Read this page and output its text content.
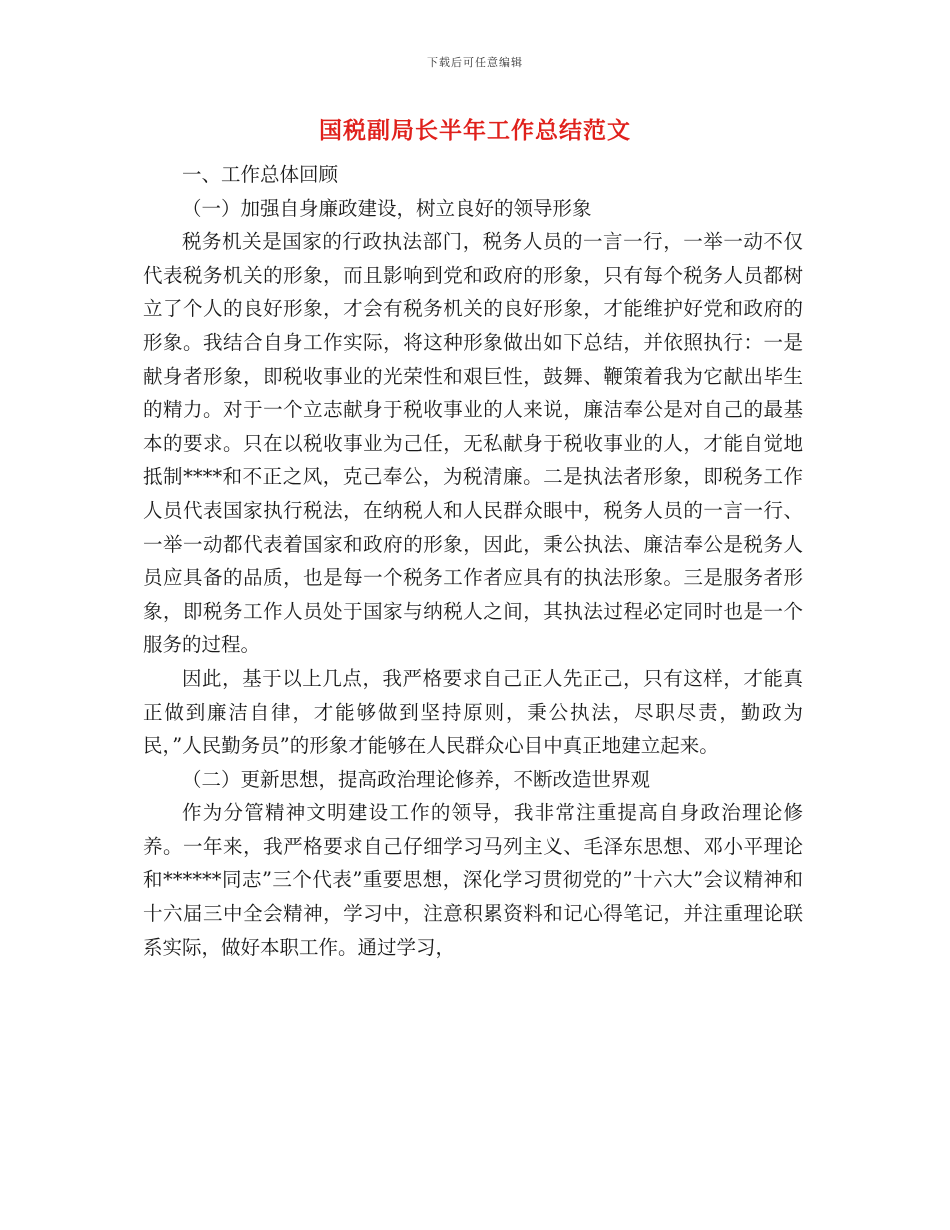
下载后可任意编辑
国税副局长半年工作总结范文

一、工作总体回顾

（一）加强自身廉政建设，树立良好的领导形象

税务机关是国家的行政执法部门，税务人员的一言一行，一举一动不仅代表税务机关的形象，而且影响到党和政府的形象，只有每个税务人员都树立了个人的良好形象，才会有税务机关的良好形象，才能维护好党和政府的形象。我结合自身工作实际，将这种形象做出如下总结，并依照执行：一是献身者形象，即税收事业的光荣性和艰巨性，鼓舞、鞭策着我为它献出毕生的精力。对于一个立志献身于税收事业的人来说，廉洁奉公是对自己的最基本的要求。只在以税收事业为己任，无私献身于税收事业的人，才能自觉地抵制****和不正之风，克己奉公，为税清廉。二是执法者形象，即税务工作人员代表国家执行税法，在纳税人和人民群众眼中，税务人员的一言一行、一举一动都代表着国家和政府的形象，因此，秉公执法、廉洁奉公是税务人员应具备的品质，也是每一个税务工作者应具有的执法形象。三是服务者形象，即税务工作人员处于国家与纳税人之间，其执法过程必定同时也是一个服务的过程。

因此，基于以上几点，我严格要求自己正人先正己，只有这样，才能真正做到廉洁自律，才能够做到坚持原则，秉公执法，尽职尽责，勤政为民，”人民勤务员”的形象才能够在人民群众心目中真正地建立起来。

（二）更新思想，提高政治理论修养，不断改造世界观

作为分管精神文明建设工作的领导，我非常注重提高自身政治理论修养。一年来，我严格要求自己仔细学习马列主义、毛泽东思想、邓小平理论和******同志”三个代表”重要思想，深化学习贯彻党的”十六大”会议精神和十六届三中全会精神，学习中，注意积累资料和记心得笔记，并注重理论联系实际，做好本职工作。通过学习，
